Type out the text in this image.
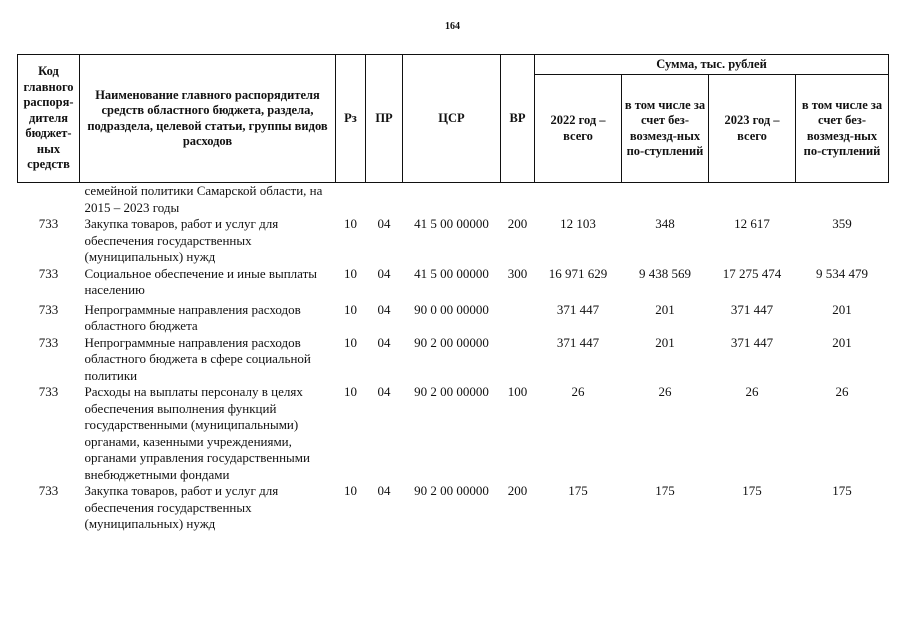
164
Код главного распоря-дителя бюджет-ных средств	Наименование главного распорядителя средств областного бюджета, раздела, подраздела, целевой статьи, группы видов расходов	Рз	ПР	ЦСР	ВР	Сумма, тыс. рублей			
						2022 год – всего	в том числе за счет без-возмезд-ных по-ступлений	2023 год – всего	в том числе за счет без-возмезд-ных по-ступлений
	семейной политики Самарской области, на 2015 – 2023 годы								
733	Закупка товаров, работ и услуг для обеспечения государственных (муниципальных) нужд	10	04	41 5 00 00000	200	12 103	348	12 617	359
733	Социальное обеспечение и иные выплаты населению	10	04	41 5 00 00000	300	16 971 629	9 438 569	17 275 474	9 534 479
733	Непрограммные направления расходов областного бюджета	10	04	90 0 00 00000		371 447	201	371 447	201
733	Непрограммные направления расходов областного бюджета в сфере социальной политики	10	04	90 2 00 00000		371 447	201	371 447	201
733	Расходы на выплаты персоналу в целях обеспечения выполнения функций государственными (муниципальными) органами, казенными учреждениями, органами управления государственными внебюджетными фондами	10	04	90 2 00 00000	100	26	26	26	26
733	Закупка товаров, работ и услуг для обеспечения государственных (муниципальных) нужд	10	04	90 2 00 00000	200	175	175	175	175
